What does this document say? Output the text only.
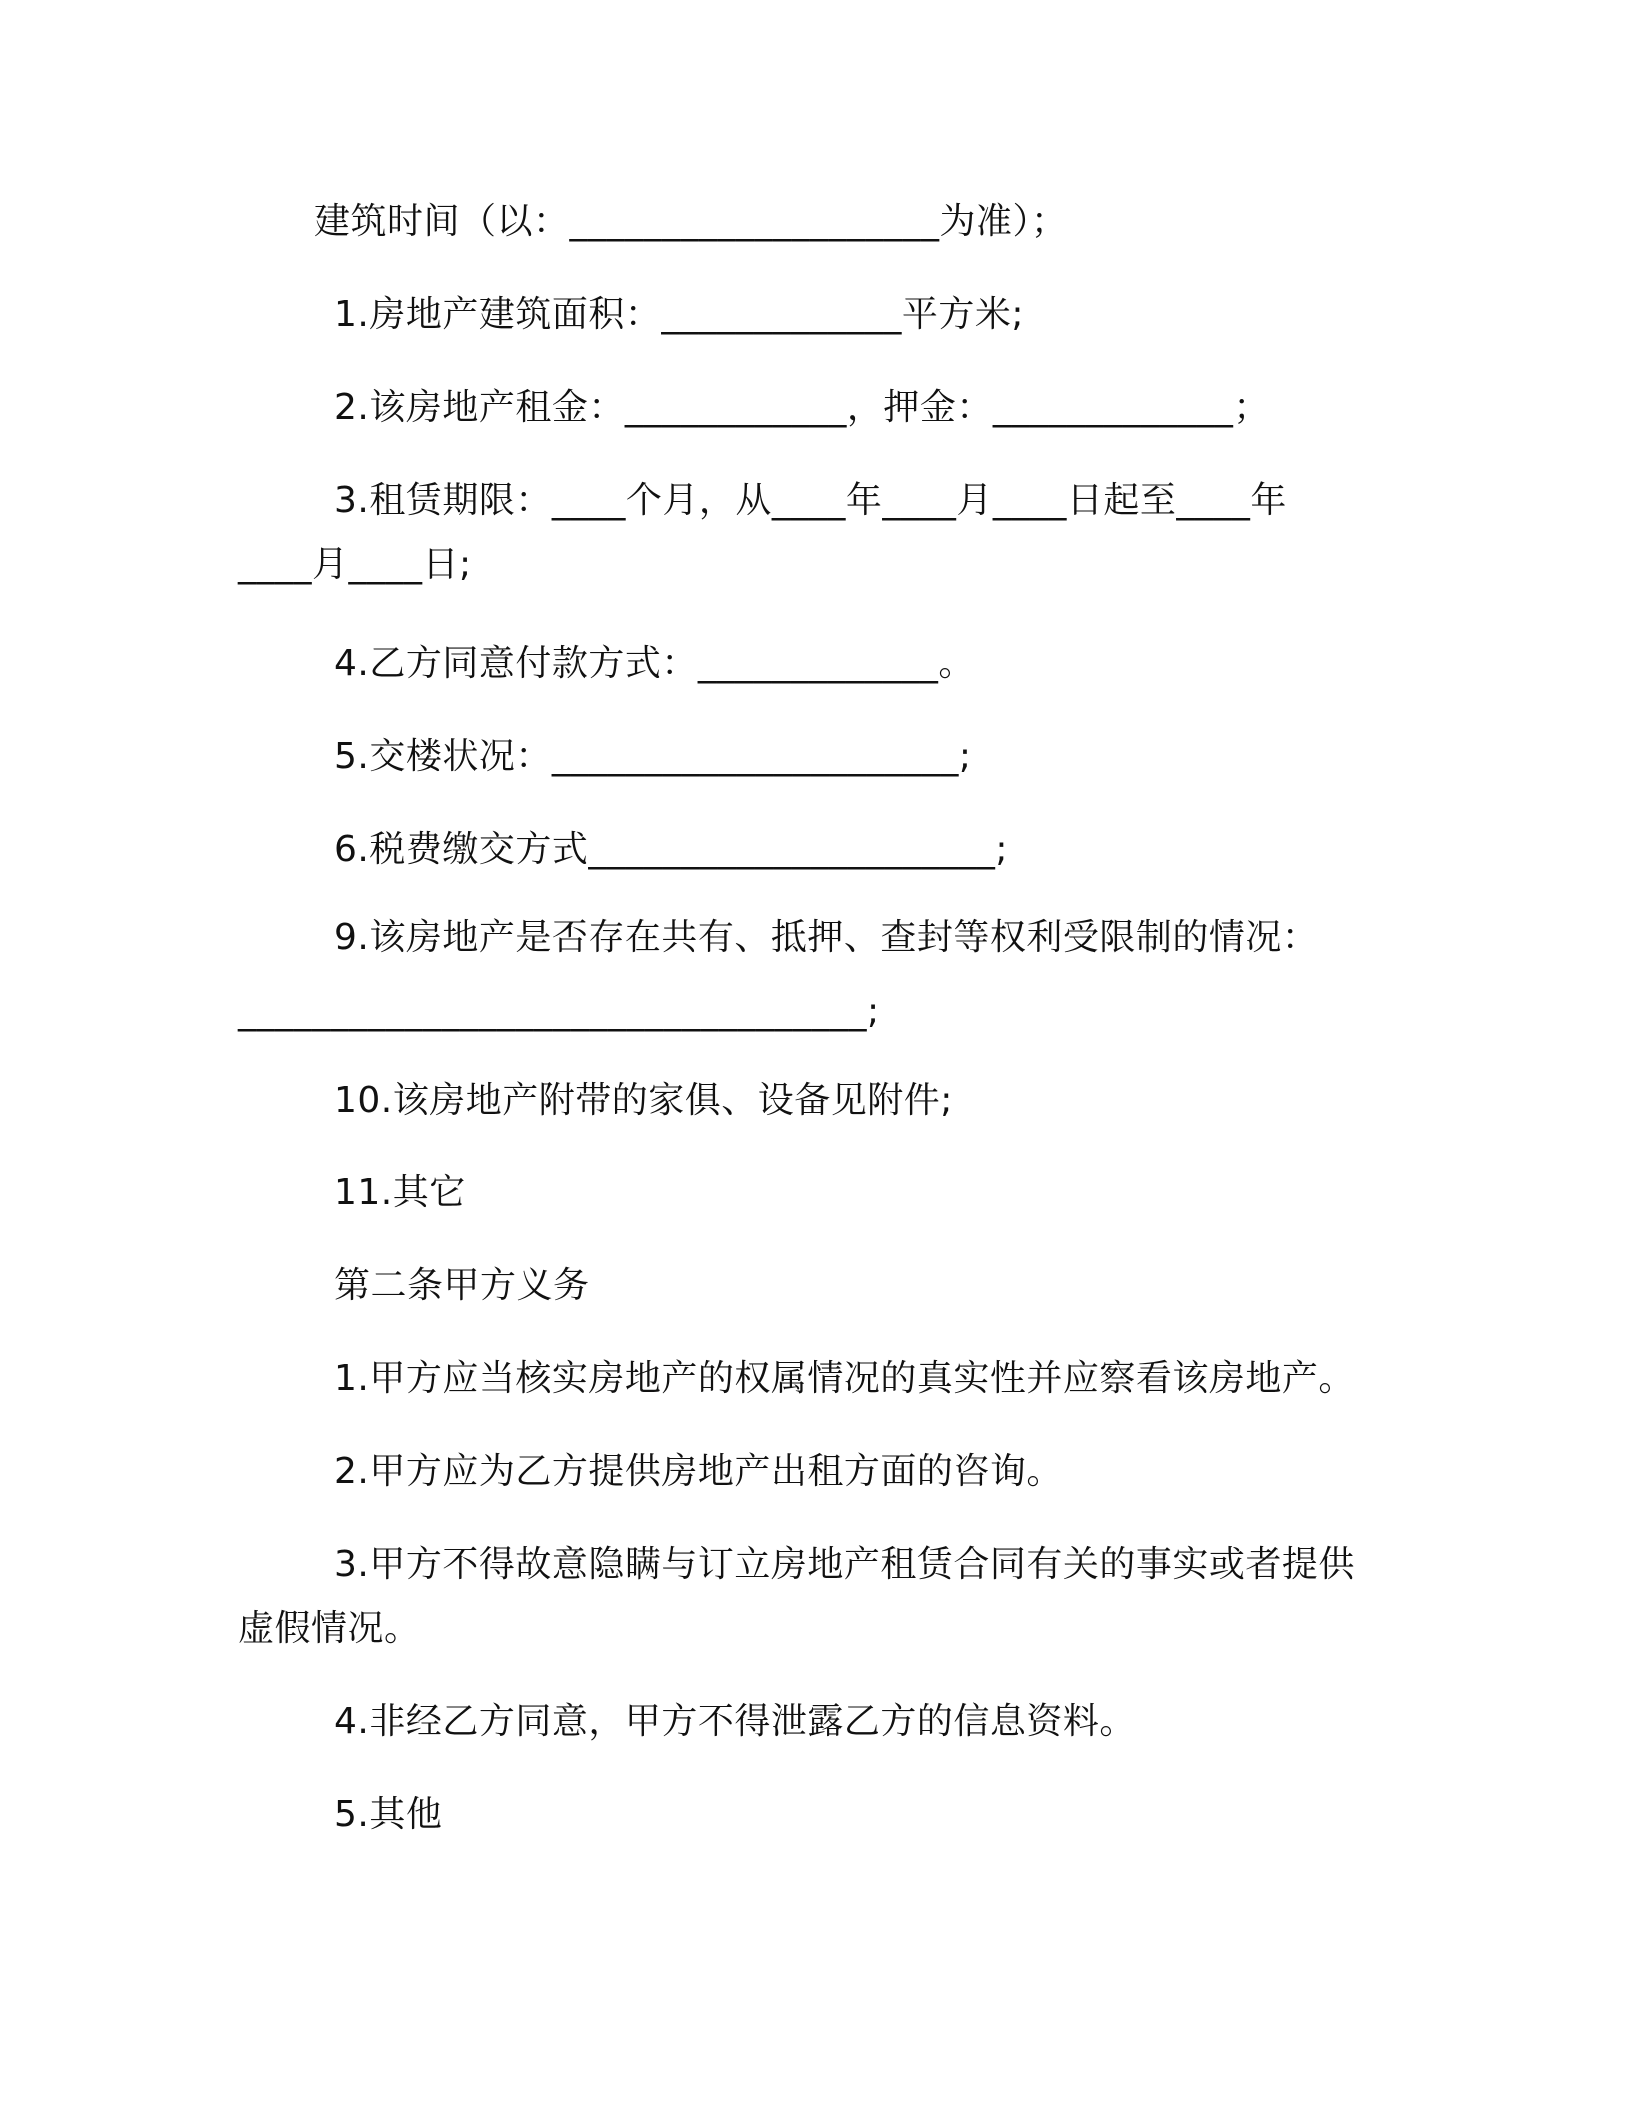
建筑时间（以：____________________为准）；
1.房地产建筑面积：_____________平方米;
2.该房地产租金：____________，押金：_____________；
3.租赁期限：____个月，从____年____月____日起至____年
____月____日;
4.乙方同意付款方式：_____________。
5.交楼状况：______________________;
6.税费缴交方式______________________;
9.该房地产是否存在共有、抵押、查封等权利受限制的情况：
__________________________________;
10.该房地产附带的家俱、设备见附件;
11.其它
第二条甲方义务
1.甲方应当核实房地产的权属情况的真实性并应察看该房地产。
2.甲方应为乙方提供房地产出租方面的咨询。
3.甲方不得故意隐瞒与订立房地产租赁合同有关的事实或者提供
虚假情况。
4.非经乙方同意，甲方不得泄露乙方的信息资料。
5.其他
